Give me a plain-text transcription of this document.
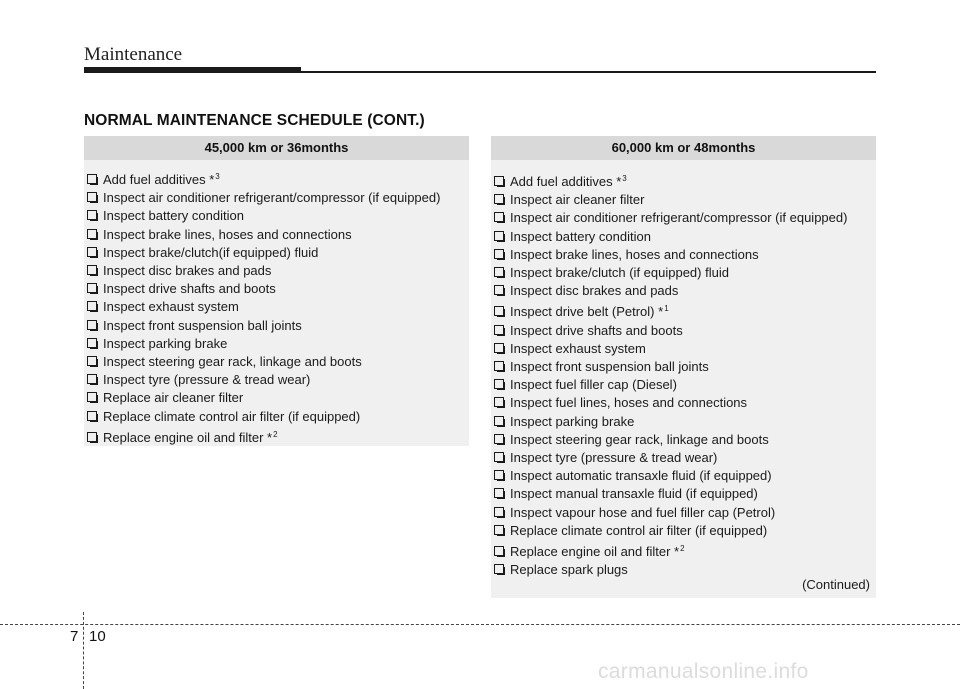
Maintenance
NORMAL MAINTENANCE SCHEDULE (CONT.)
45,000 km or 36months
Add fuel additives *$^3$
Inspect air conditioner refrigerant/compressor (if equipped)
Inspect battery condition
Inspect brake lines, hoses and connections
Inspect brake/clutch(if equipped) fluid
Inspect disc brakes and pads
Inspect drive shafts and boots
Inspect exhaust system
Inspect front suspension ball joints
Inspect parking brake
Inspect steering gear rack, linkage and boots
Inspect tyre (pressure & tread wear)
Replace air cleaner filter
Replace climate control air filter (if equipped)
Replace engine oil and filter *$^2$
60,000 km or 48months
Add fuel additives *$^3$
Inspect air cleaner filter
Inspect air conditioner refrigerant/compressor (if equipped)
Inspect battery condition
Inspect brake lines, hoses and connections
Inspect brake/clutch (if equipped) fluid
Inspect disc brakes and pads
Inspect drive belt (Petrol) *$^1$
Inspect drive shafts and boots
Inspect exhaust system
Inspect front suspension ball joints
Inspect fuel filler cap (Diesel)
Inspect fuel lines, hoses and connections
Inspect parking brake
Inspect steering gear rack, linkage and boots
Inspect tyre (pressure & tread wear)
Inspect automatic transaxle fluid (if equipped)
Inspect manual transaxle fluid (if equipped)
Inspect vapour hose and fuel filler cap (Petrol)
Replace climate control air filter (if equipped)
Replace engine oil and filter *$^2$
Replace spark plugs
(Continued)
7 10
carmanualsonline.info
